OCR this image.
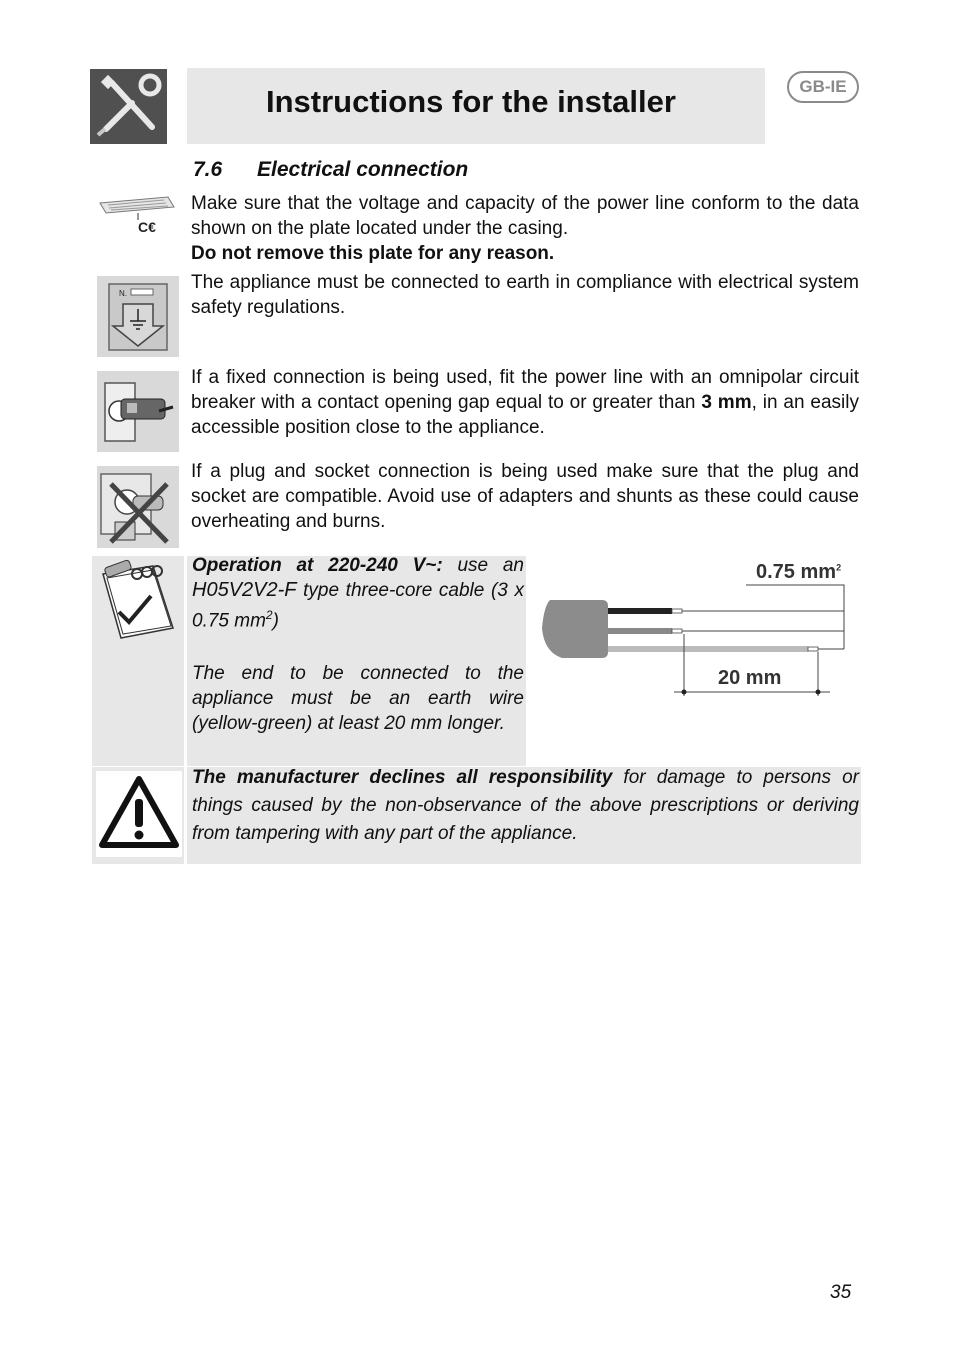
Instructions for the installer	GB-IE
7.6 Electrical connection
C€
Make sure that the voltage and capacity of the power line conform to the data shown on the plate located under the casing.
Do not remove this plate for any reason.
N.
The appliance must be connected to earth in compliance with electrical system safety regulations.
If a fixed connection is being used, fit the power line with an omnipolar circuit breaker with a contact opening gap equal to or greater than 3 mm, in an easily accessible position close to the appliance.
If a plug and socket connection is being used make sure that the plug and socket are compatible. Avoid use of adapters and shunts as these could cause overheating and burns.
Operation at 220-240 V~: use an H05V2V2-F type three-core cable (3 x 0.75 $mm^2$)
The end to be connected to the appliance must be an earth wire (yellow-green) at least 20 mm longer.
0.75 $mm^2$
20 mm
The manufacturer declines all responsibility for damage to persons or things caused by the non-observance of the above prescriptions or deriving from tampering with any part of the appliance.
35
